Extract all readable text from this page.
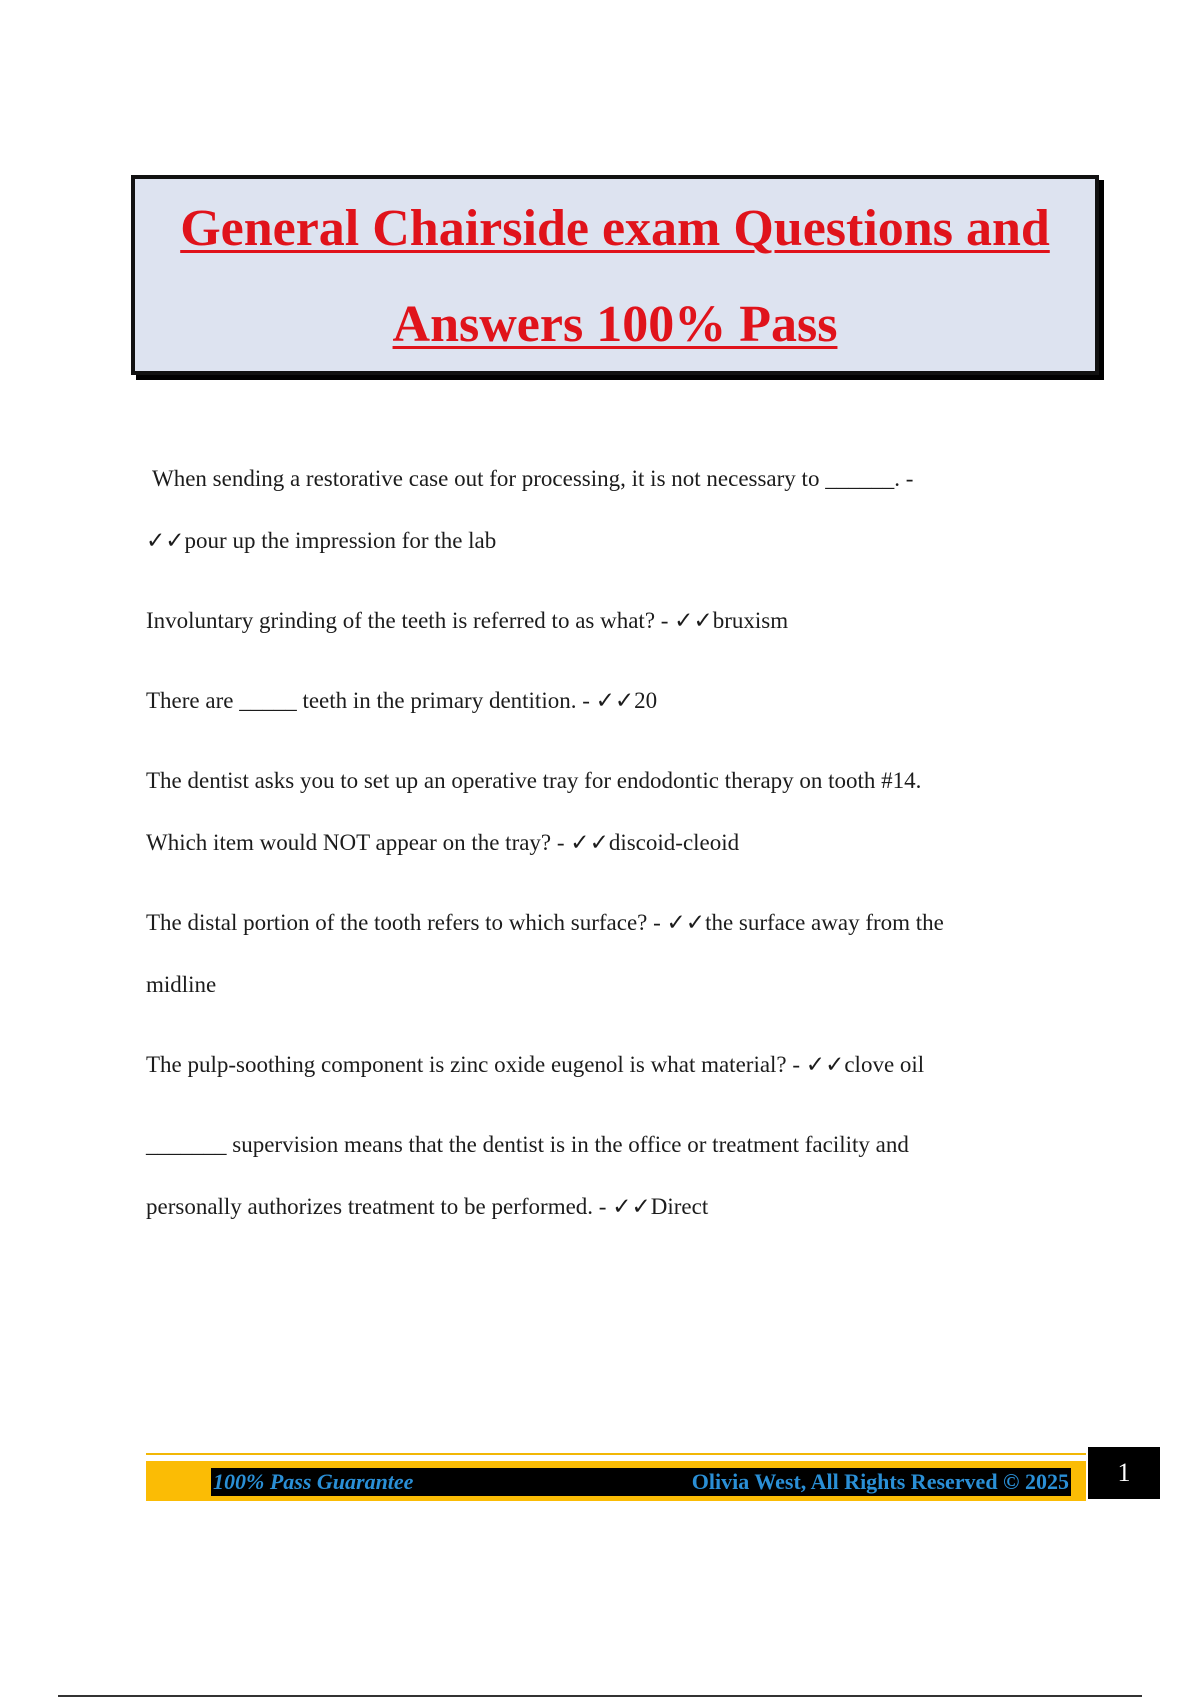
General Chairside exam Questions and
Answers 100% Pass
When sending a restorative case out for processing, it is not necessary to ______. -
✓✓pour up the impression for the lab
Involuntary grinding of the teeth is referred to as what? - ✓✓bruxism
There are _____ teeth in the primary dentition. - ✓✓20
The dentist asks you to set up an operative tray for endodontic therapy on tooth #14.
Which item would NOT appear on the tray? - ✓✓discoid-cleoid
The distal portion of the tooth refers to which surface? - ✓✓the surface away from the
midline
The pulp-soothing component is zinc oxide eugenol is what material? - ✓✓clove oil
_______ supervision means that the dentist is in the office or treatment facility and
personally authorizes treatment to be performed. - ✓✓Direct
100% Pass Guarantee	Olivia West, All Rights Reserved © 2025	1
